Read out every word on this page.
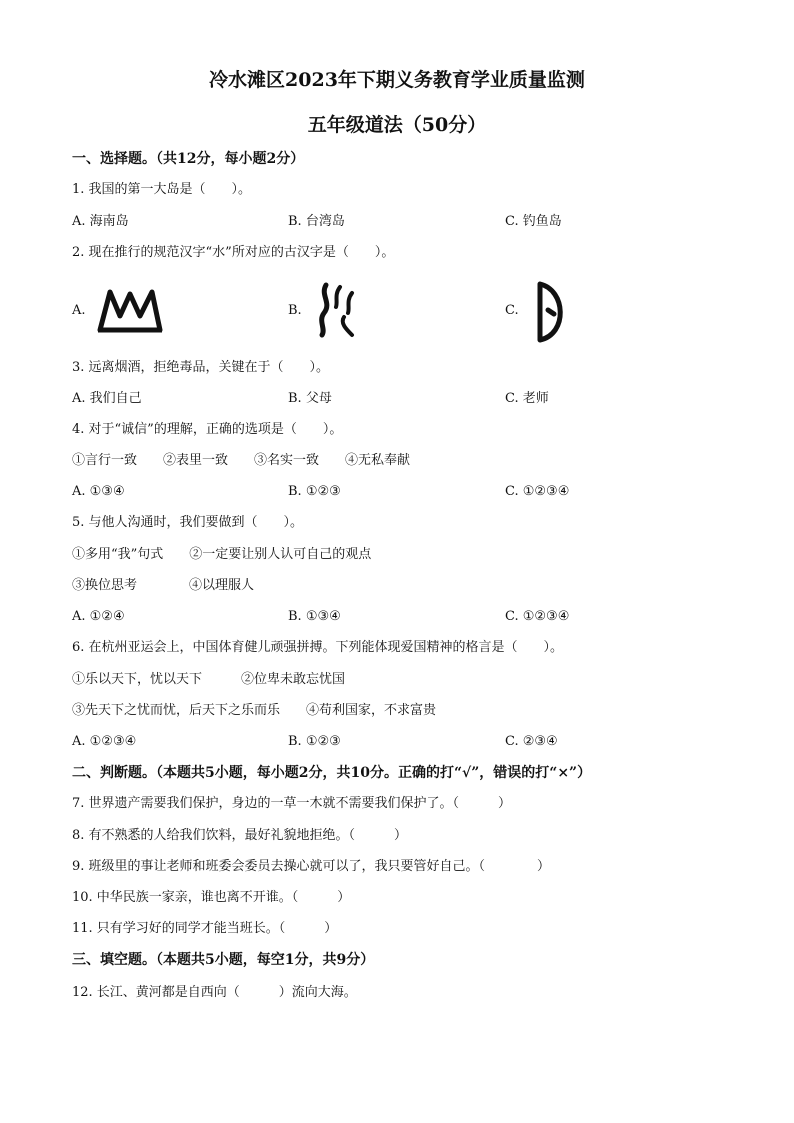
冷水滩区2023年下期义务教育学业质量监测
五年级道法（50分）
一、选择题。（共12分，每小题2分）
1. 我国的第一大岛是（　　）。
A. 海南岛	B. 台湾岛	C. 钓鱼岛
2. 现在推行的规范汉字“水”所对应的古汉字是（　　）。
A.	B.	C.
3. 远离烟酒，拒绝毒品，关键在于（　　）。
A. 我们自己	B. 父母	C. 老师
4. 对于“诚信”的理解，正确的选项是（　　）。
①言行一致　　②表里一致　　③名实一致　　④无私奉献
A. ①③④	B. ①②③	C. ①②③④
5. 与他人沟通时，我们要做到（　　）。
①多用“我”句式　　②一定要让别人认可自己的观点
③换位思考　　　　④以理服人
A. ①②④	B. ①③④	C. ①②③④
6. 在杭州亚运会上，中国体育健儿顽强拼搏。下列能体现爱国精神的格言是（　　）。
①乐以天下，忧以天下　　　②位卑未敢忘忧国
③先天下之忧而忧，后天下之乐而乐　　④苟利国家，不求富贵
A. ①②③④	B. ①②③	C. ②③④
二、判断题。（本题共5小题，每小题2分，共10分。正确的打“√”，错误的打“×”）
7. 世界遗产需要我们保护，身边的一草一木就不需要我们保护了。（　　　）
8. 有不熟悉的人给我们饮料，最好礼貌地拒绝。（　　　）
9. 班级里的事让老师和班委会委员去操心就可以了，我只要管好自己。（　　　　）
10. 中华民族一家亲，谁也离不开谁。（　　　）
11. 只有学习好的同学才能当班长。（　　　）
三、填空题。（本题共5小题，每空1分，共9分）
12. 长江、黄河都是自西向（　　　）流向大海。
